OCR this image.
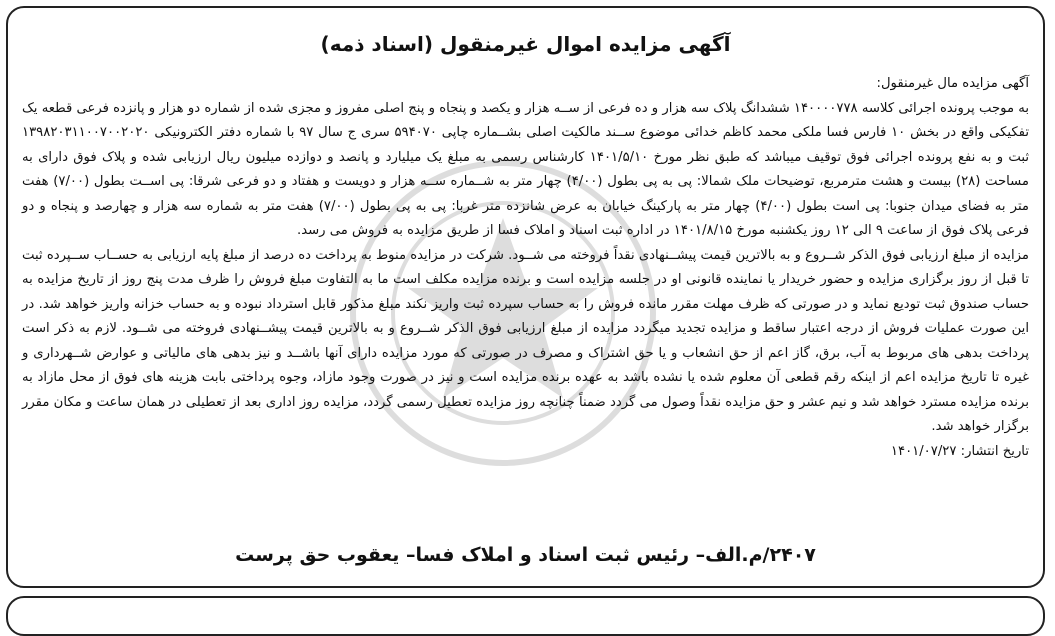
آگهی مزایده اموال غیرمنقول (اسناد ذمه)

آگهی مزایده مال غیرمنقول:

به موجب پرونده اجرائی کلاسه ۱۴۰۰۰۰۷۷۸ ششدانگ پلاک سه هزار و ده فرعی از ســه هزار و یکصد و پنجاه و پنج اصلی مفروز و مجزی شده از شماره دو هزار و پانزده فرعی قطعه یک تفکیکی واقع در بخش ۱۰ فارس فسا ملکی محمد کاظم خدائی موضوع ســند مالکیت اصلی بشــماره چاپی ۵۹۴۰۷۰ سری ج سال ۹۷ با شماره دفتر الکترونیکی ۱۳۹۸۲۰۳۱۱۰۰۷۰۰۲۰۲۰ ثبت و به نفع پرونده اجرائی فوق توقیف میباشد که طبق نظر مورخ ۱۴۰۱/۵/۱۰ کارشناس رسمی به مبلغ یک میلیارد و پانصد و دوازده میلیون ریال ارزیابی شده و پلاک فوق دارای به مساحت (۲۸) بیست و هشت مترمربع، توضیحات ملک شمالا: پی به پی بطول (۴/۰۰) چهار متر به شــماره ســه هزار و دویست و هفتاد و دو فرعی شرقا: پی اســت بطول (۷/۰۰) هفت متر به فضای میدان جنوبا: پی است بطول (۴/۰۰) چهار متر به پارکینگ خیابان به عرض شانزده متر غربا: پی به پی بطول (۷/۰۰) هفت متر به شماره سه هزار و چهارصد و پنجاه و دو فرعی پلاک فوق از ساعت ۹ الی ۱۲ روز یکشنبه مورخ ۱۴۰۱/۸/۱۵ در اداره ثبت اسناد و املاک فسا از طریق مزایده به فروش می رسد.

مزایده از مبلغ ارزیابی فوق الذکر شــروع و به بالاترین قیمت پیشــنهادی نقداً فروخته می شــود. شرکت در مزایده منوط به پرداخت ده درصد از مبلغ پایه ارزیابی به حســاب ســپرده ثبت تا قبل از روز برگزاری مزایده و حضور خریدار یا نماینده قانونی او در جلسه مزایده است و برنده مزایده مکلف است ما به التفاوت مبلغ فروش را ظرف مدت پنج روز از تاریخ مزایده به حساب صندوق ثبت تودیع نماید و در صورتی که ظرف مهلت مقرر مانده فروش را به حساب سپرده ثبت واریز نکند مبلغ مذکور قابل استرداد نبوده و به حساب خزانه واریز خواهد شد. در این صورت عملیات فروش از درجه اعتبار ساقط و مزایده تجدید میگردد مزایده از مبلغ ارزیابی فوق الذکر شــروع و به بالاترین قیمت پیشــنهادی فروخته می شــود. لازم به ذکر است پرداخت بدهی های مربوط به آب، برق، گاز اعم از حق انشعاب و یا حق اشتراک و مصرف در صورتی که مورد مزایده دارای آنها باشــد و نیز بدهی های مالیاتی و عوارض شــهرداری و غیره تا تاریخ مزایده اعم از اینکه رقم قطعی آن معلوم شده یا نشده باشد به عهده برنده مزایده است و نیز در صورت وجود مازاد، وجوه پرداختی بابت هزینه های فوق از محل مازاد به برنده مزایده مسترد خواهد شد و نیم عشر و حق مزایده نقداً وصول می گردد ضمناً چنانچه روز مزایده تعطیل رسمی گردد، مزایده روز اداری بعد از تعطیلی در همان ساعت و مکان مقرر برگزار خواهد شد.

تاریخ انتشار: ۱۴۰۱/۰۷/۲۷

۲۴۰۷/م.الف– رئیس ثبت اسناد و املاک فسا– یعقوب حق پرست
